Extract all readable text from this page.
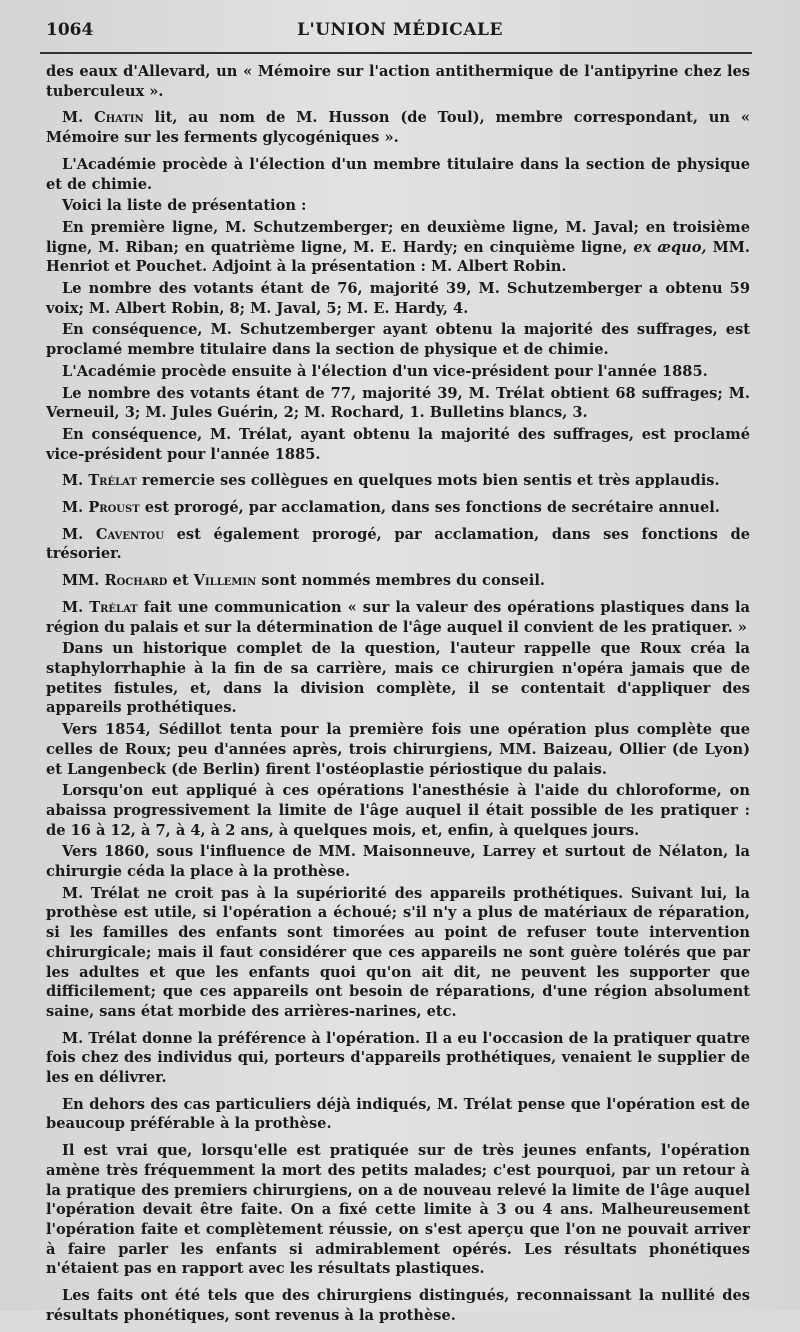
1064	L'UNION MÉDICALE

des eaux d'Allevard, un « Mémoire sur l'action antithermique de l'antipyrine chez les tuberculeux ».

M. Chatin lit, au nom de M. Husson (de Toul), membre correspondant, un « Mémoire sur les ferments glycogéniques ».

L'Académie procède à l'élection d'un membre titulaire dans la section de physique et de chimie.

Voici la liste de présentation :

En première ligne, M. Schutzemberger; en deuxième ligne, M. Javal; en troisième ligne, M. Riban; en quatrième ligne, M. E. Hardy; en cinquième ligne, ex æquo, MM. Henriot et Pouchet. Adjoint à la présentation : M. Albert Robin.

Le nombre des votants étant de 76, majorité 39, M. Schutzemberger a obtenu 59 voix; M. Albert Robin, 8; M. Javal, 5; M. E. Hardy, 4.

En conséquence, M. Schutzemberger ayant obtenu la majorité des suffrages, est proclamé membre titulaire dans la section de physique et de chimie.

L'Académie procède ensuite à l'élection d'un vice-président pour l'année 1885.

Le nombre des votants étant de 77, majorité 39, M. Trélat obtient 68 suffrages; M. Verneuil, 3; M. Jules Guérin, 2; M. Rochard, 1. Bulletins blancs, 3.

En conséquence, M. Trélat, ayant obtenu la majorité des suffrages, est proclamé vice-président pour l'année 1885.

M. Trélat remercie ses collègues en quelques mots bien sentis et très applaudis.

M. Proust est prorogé, par acclamation, dans ses fonctions de secrétaire annuel.

M. Caventou est également prorogé, par acclamation, dans ses fonctions de trésorier.

MM. Rochard et Villemin sont nommés membres du conseil.

M. Trélat fait une communication « sur la valeur des opérations plastiques dans la région du palais et sur la détermination de l'âge auquel il convient de les pratiquer. »

Dans un historique complet de la question, l'auteur rappelle que Roux créa la staphylorrhaphie à la fin de sa carrière, mais ce chirurgien n'opéra jamais que de petites fistules, et, dans la division complète, il se contentait d'appliquer des appareils prothétiques.

Vers 1854, Sédillot tenta pour la première fois une opération plus complète que celles de Roux; peu d'années après, trois chirurgiens, MM. Baizeau, Ollier (de Lyon) et Langenbeck (de Berlin) firent l'ostéoplastie périostique du palais.

Lorsqu'on eut appliqué à ces opérations l'anesthésie à l'aide du chloroforme, on abaissa progressivement la limite de l'âge auquel il était possible de les pratiquer : de 16 à 12, à 7, à 4, à 2 ans, à quelques mois, et, enfin, à quelques jours.

Vers 1860, sous l'influence de MM. Maisonneuve, Larrey et surtout de Nélaton, la chirurgie céda la place à la prothèse.

M. Trélat ne croit pas à la supériorité des appareils prothétiques. Suivant lui, la prothèse est utile, si l'opération a échoué; s'il n'y a plus de matériaux de réparation, si les familles des enfants sont timorées au point de refuser toute intervention chirurgicale; mais il faut considérer que ces appareils ne sont guère tolérés que par les adultes et que les enfants quoi qu'on ait dit, ne peuvent les supporter que difficilement; que ces appareils ont besoin de réparations, d'une région absolument saine, sans état morbide des arrières-narines, etc.

M. Trélat donne la préférence à l'opération. Il a eu l'occasion de la pratiquer quatre fois chez des individus qui, porteurs d'appareils prothétiques, venaient le supplier de les en délivrer.

En dehors des cas particuliers déjà indiqués, M. Trélat pense que l'opération est de beaucoup préférable à la prothèse.

Il est vrai que, lorsqu'elle est pratiquée sur de très jeunes enfants, l'opération amène très fréquemment la mort des petits malades; c'est pourquoi, par un retour à la pratique des premiers chirurgiens, on a de nouveau relevé la limite de l'âge auquel l'opération devait être faite. On a fixé cette limite à 3 ou 4 ans. Malheureusement l'opération faite et complètement réussie, on s'est aperçu que l'on ne pouvait arriver à faire parler les enfants si admirablement opérés. Les résultats phonétiques n'étaient pas en rapport avec les résultats plastiques.

Les faits ont été tels que des chirurgiens distingués, reconnaissant la nullité des résultats phonétiques, sont revenus à la prothèse.
